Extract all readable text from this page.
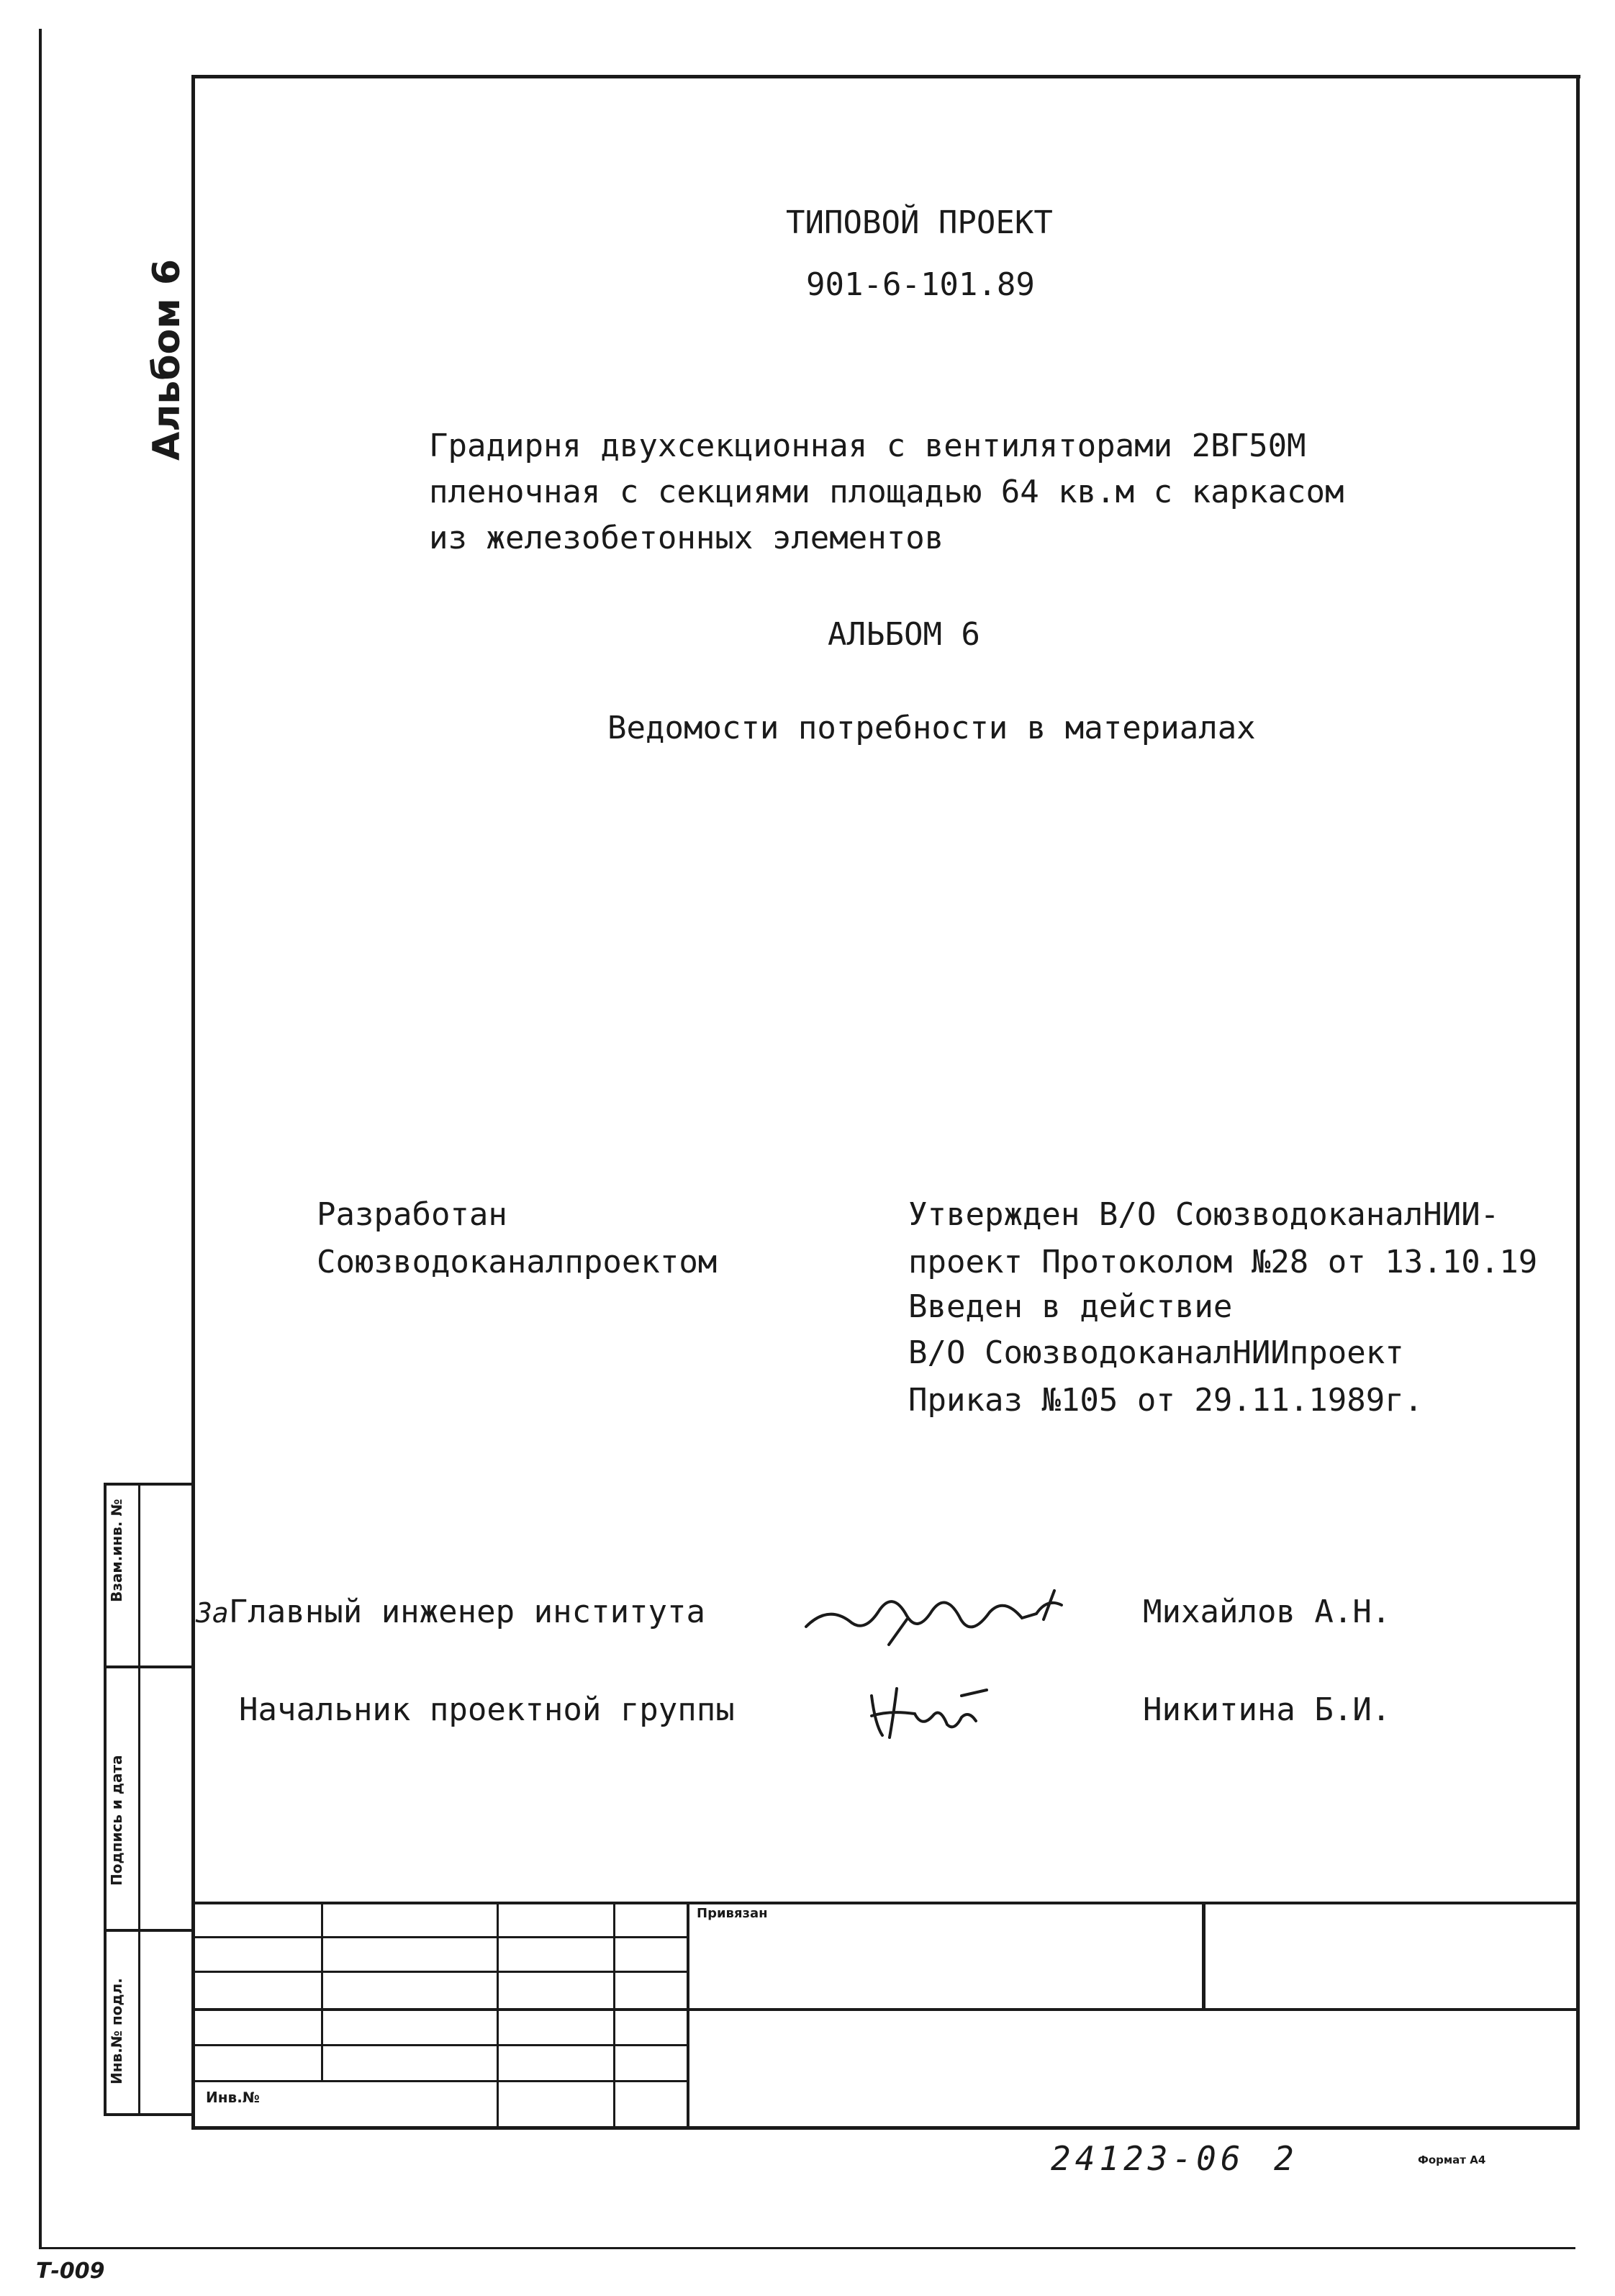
Альбом 6
ТИПОВОЙ ПРОЕКТ
901-6-101.89
Градирня двухсекционная с вентиляторами 2ВГ50М
пленочная с секциями площадью 64 кв.м с каркасом
из железобетонных элементов
АЛЬБОМ 6
Ведомости потребности в материалах
Разработан
Союзводоканалпроектом
Утвержден В/О СоюзводоканалНИИ-
проект Протоколом №28 от 13.10.19
Введен в действие
В/О СоюзводоканалНИИпроект
Приказ №105 от 29.11.1989г.
ЗаГлавный инженер института	Михайлов А.Н.
Начальник проектной группы	Никитина Б.И.
Взам.инв. №
Подпись и дата
Инв.№ подл.
Привязан
Инв.№
24123-06 2	Формат А4
Т-009
